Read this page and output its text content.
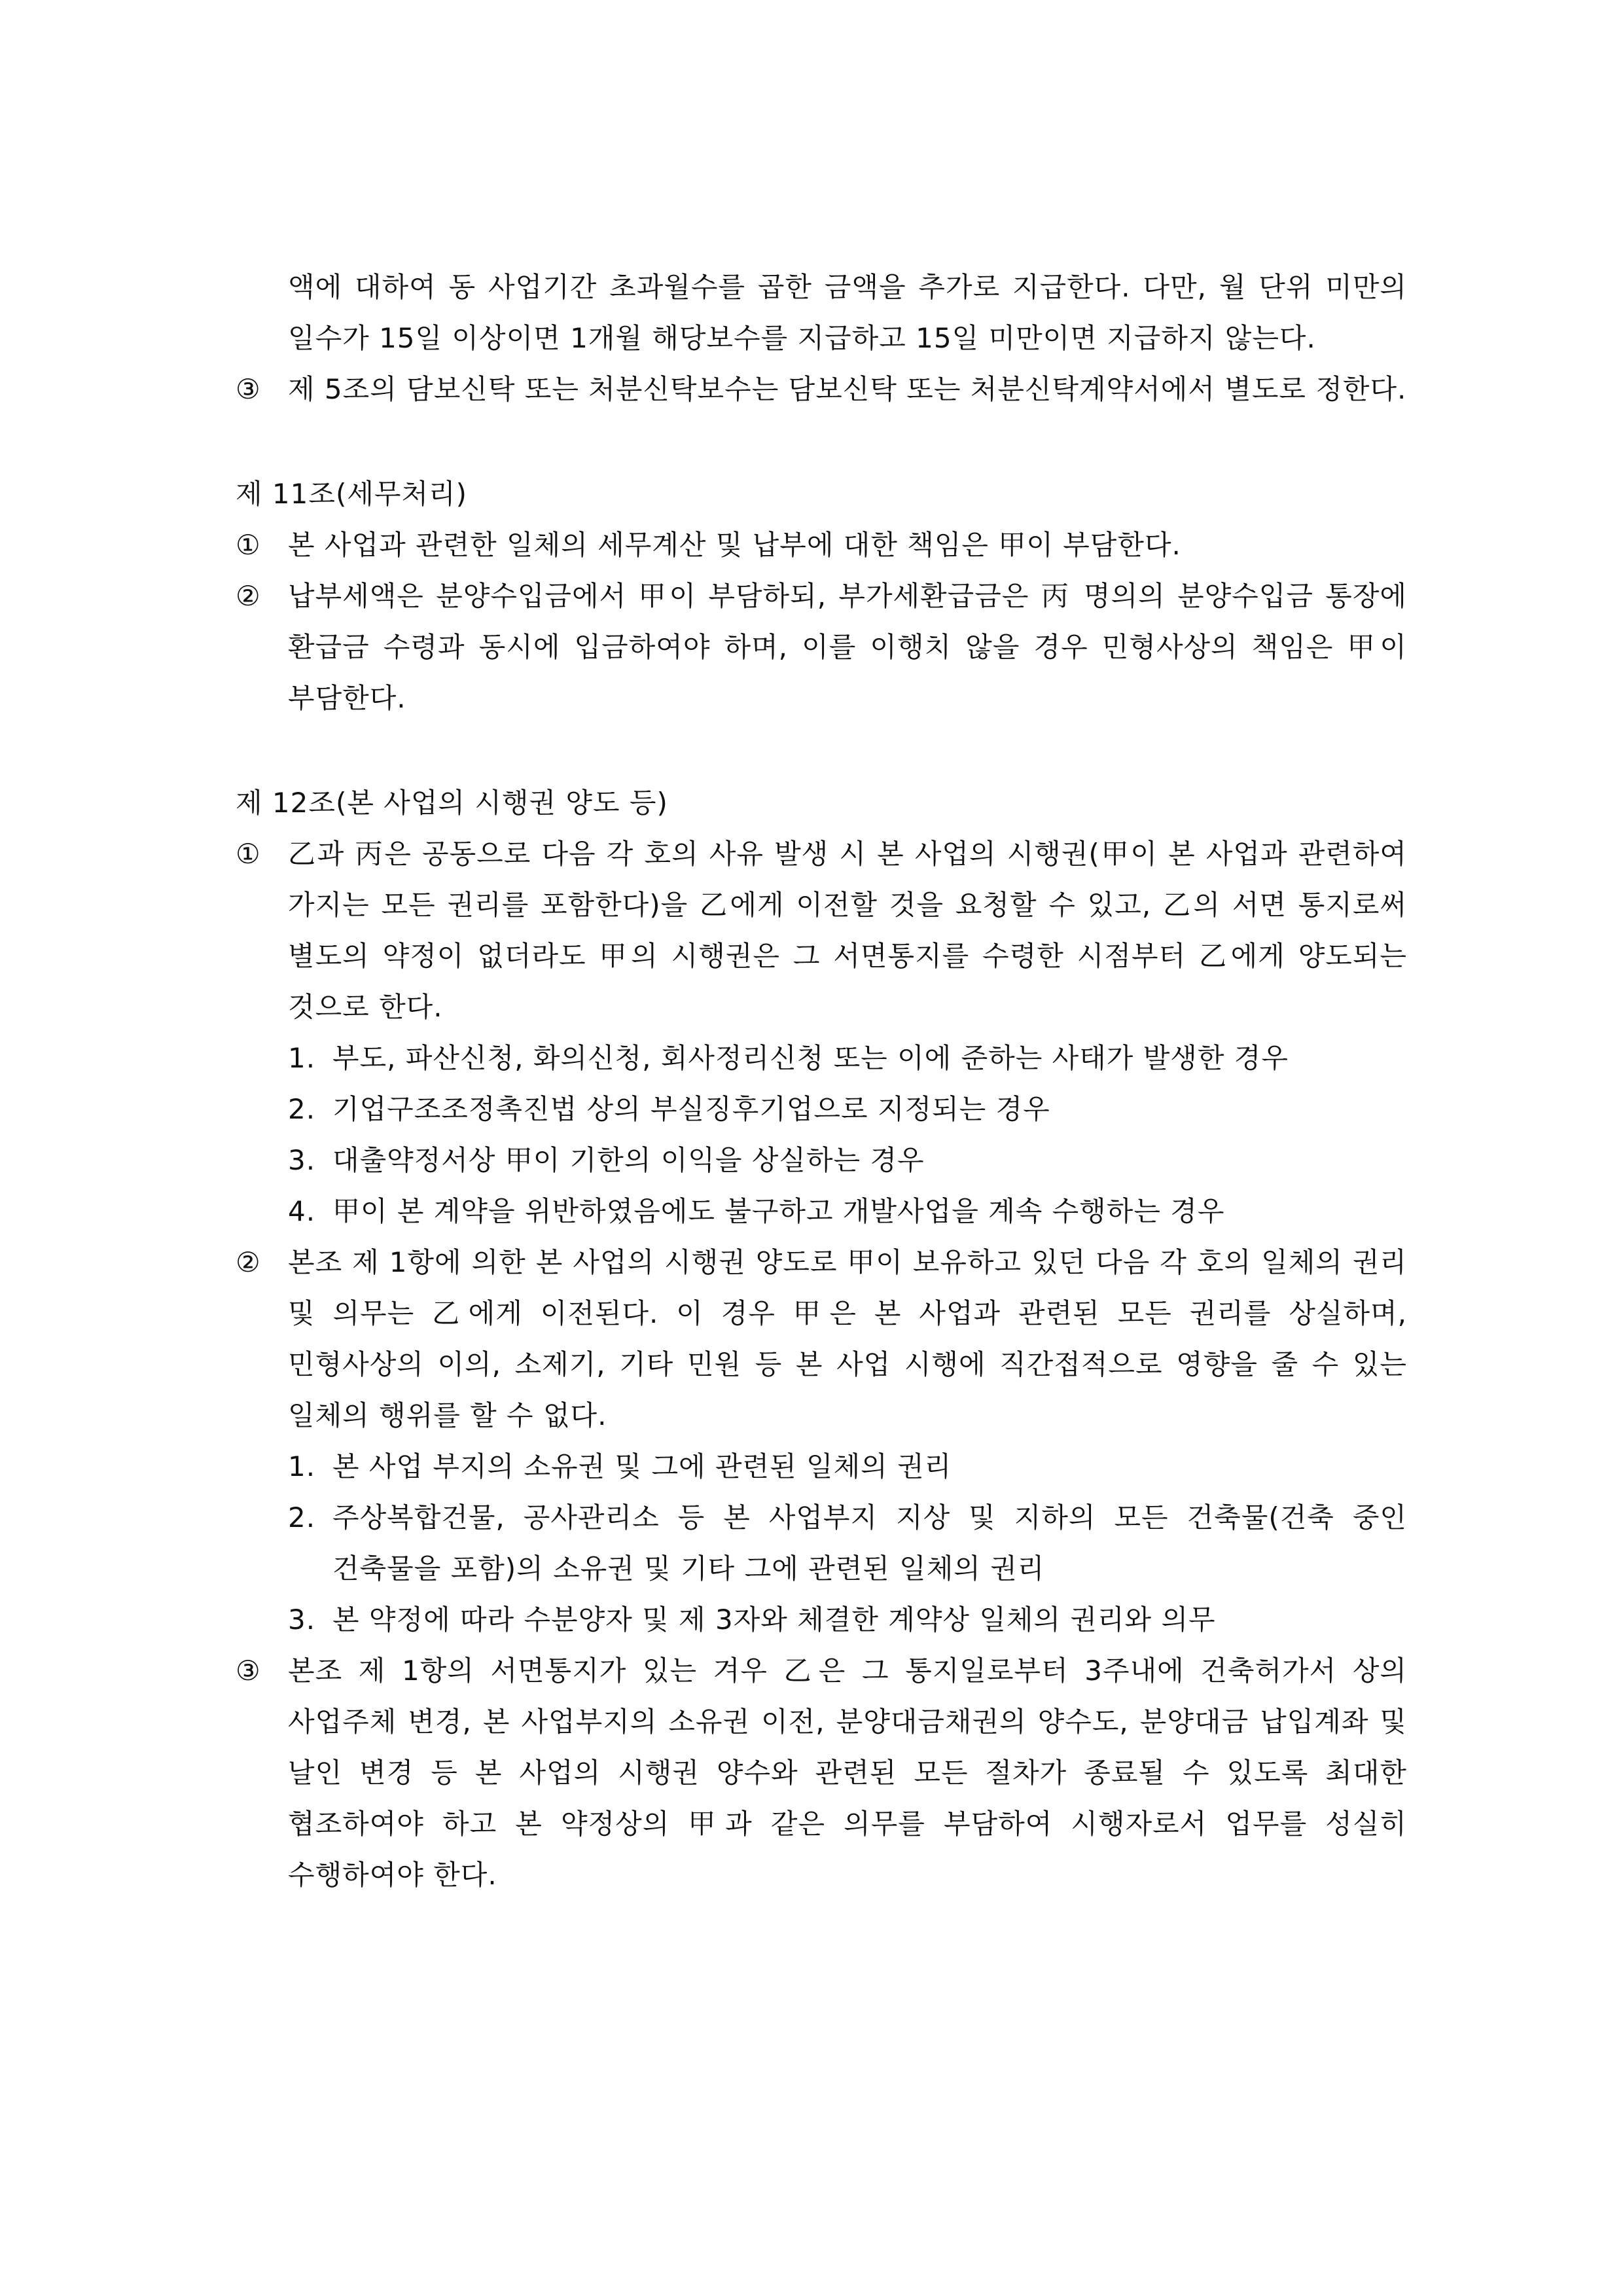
액에 대하여 동 사업기간 초과월수를 곱한 금액을 추가로 지급한다. 다만, 월 단위 미만의 일수가 15일 이상이면 1개월 해당보수를 지급하고 15일 미만이면 지급하지 않는다.

③ 제 5조의 담보신탁 또는 처분신탁보수는 담보신탁 또는 처분신탁계약서에서 별도로 정한다.
제 11조(세무처리)
① 본 사업과 관련한 일체의 세무계산 및 납부에 대한 책임은 甲이 부담한다.
② 납부세액은 분양수입금에서 甲이 부담하되, 부가세환급금은 丙 명의의 분양수입금 통장에 환급금 수령과 동시에 입금하여야 하며, 이를 이행치 않을 경우 민형사상의 책임은 甲이 부담한다.
제 12조(본 사업의 시행권 양도 등)
① 乙과 丙은 공동으로 다음 각 호의 사유 발생 시 본 사업의 시행권(甲이 본 사업과 관련하여 가지는 모든 권리를 포함한다)을 乙에게 이전할 것을 요청할 수 있고, 乙의 서면 통지로써 별도의 약정이 없더라도 甲의 시행권은 그 서면통지를 수령한 시점부터 乙에게 양도되는 것으로 한다.
1. 부도, 파산신청, 화의신청, 회사정리신청 또는 이에 준하는 사태가 발생한 경우
2. 기업구조조정촉진법 상의 부실징후기업으로 지정되는 경우
3. 대출약정서상 甲이 기한의 이익을 상실하는 경우
4. 甲이 본 계약을 위반하였음에도 불구하고 개발사업을 계속 수행하는 경우
② 본조 제 1항에 의한 본 사업의 시행권 양도로 甲이 보유하고 있던 다음 각 호의 일체의 권리 및 의무는 乙에게 이전된다. 이 경우 甲은 본 사업과 관련된 모든 권리를 상실하며, 민형사상의 이의, 소제기, 기타 민원 등 본 사업 시행에 직간접적으로 영향을 줄 수 있는 일체의 행위를 할 수 없다.
1. 본 사업 부지의 소유권 및 그에 관련된 일체의 권리
2. 주상복합건물, 공사관리소 등 본 사업부지 지상 및 지하의 모든 건축물(건축 중인 건축물을 포함)의 소유권 및 기타 그에 관련된 일체의 권리
3. 본 약정에 따라 수분양자 및 제 3자와 체결한 계약상 일체의 권리와 의무
③ 본조 제 1항의 서면통지가 있는 겨우 乙은 그 통지일로부터 3주내에 건축허가서 상의 사업주체 변경, 본 사업부지의 소유권 이전, 분양대금채권의 양수도, 분양대금 납입계좌 및 날인 변경 등 본 사업의 시행권 양수와 관련된 모든 절차가 종료될 수 있도록 최대한 협조하여야 하고 본 약정상의 甲과 같은 의무를 부담하여 시행자로서 업무를 성실히 수행하여야 한다.
